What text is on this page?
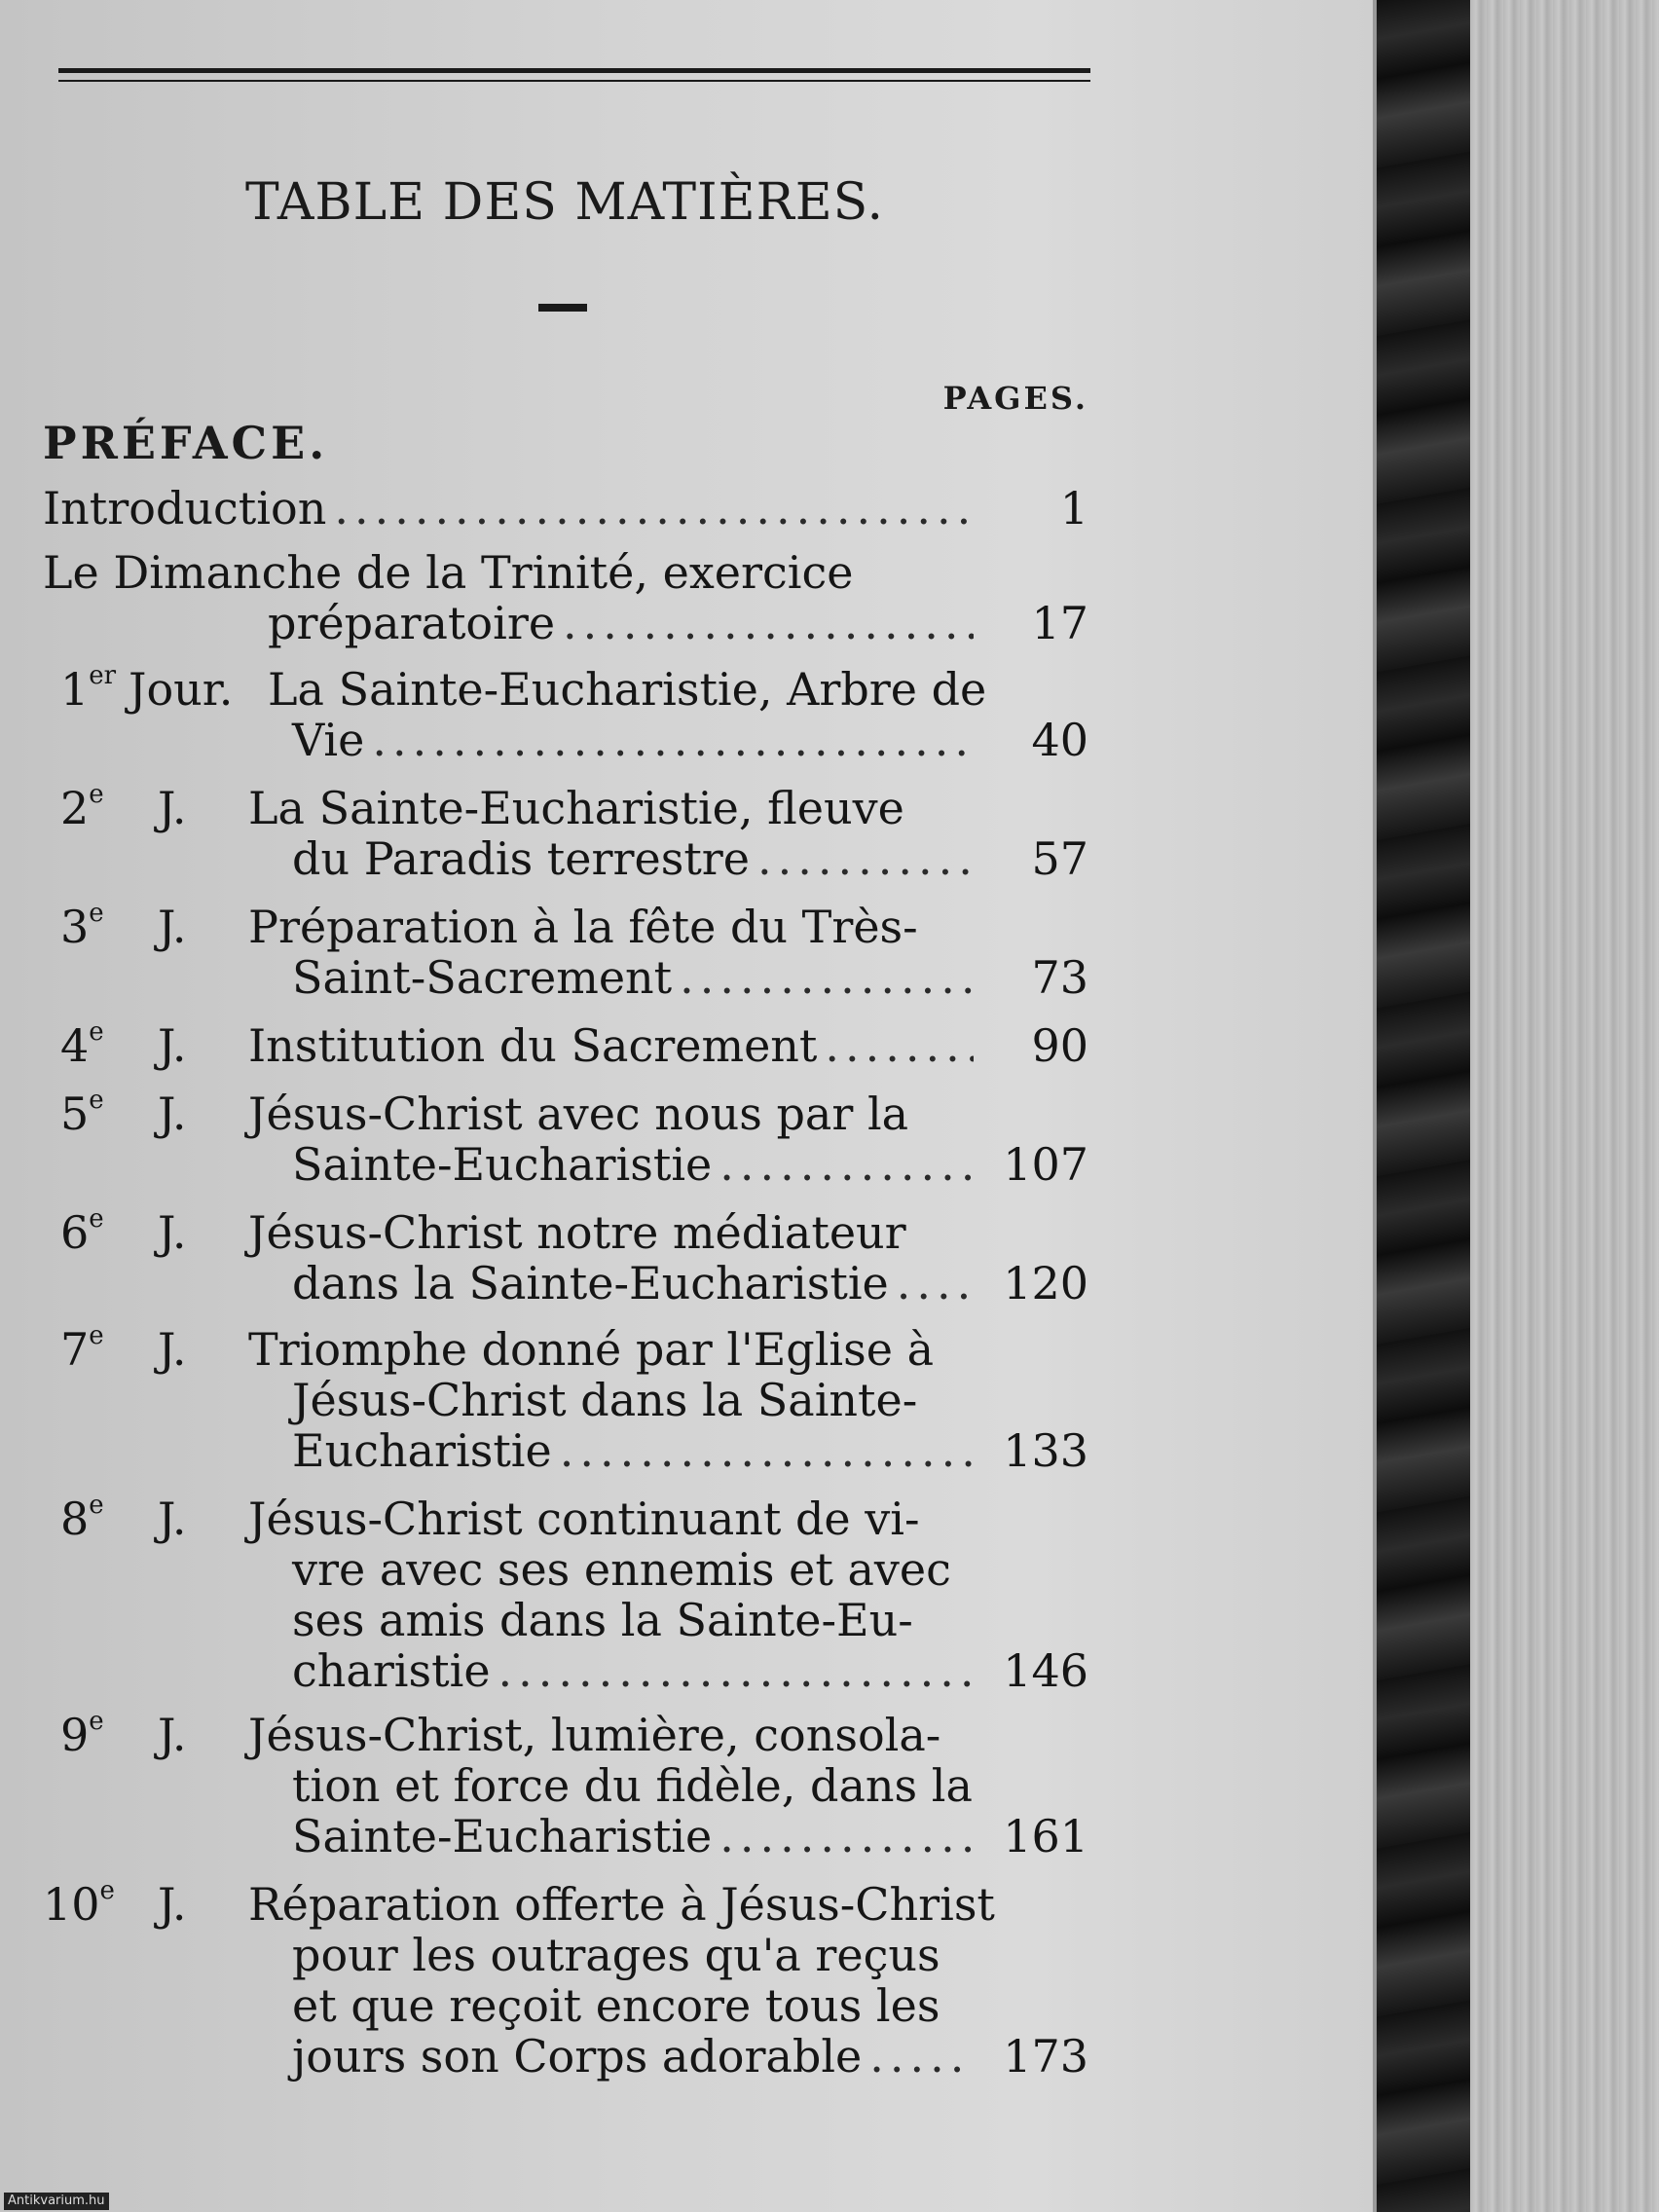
TABLE DES MATIÈRES.
PAGES.
PRÉFACE.
Introduction .....	1
Le Dimanche de la Trinité, exercice
préparatoire .....	17
1er Jour. La Sainte-Eucharistie, Arbre de
Vie .....	40
2e J. La Sainte-Eucharistie, fleuve
du Paradis terrestre .....	57
3e J. Préparation à la fête du Très-
Saint-Sacrement .....	73
4e J. Institution du Sacrement .....	90
5e J. Jésus-Christ avec nous par la
Sainte-Eucharistie .....	107
6e J. Jésus-Christ notre médiateur
dans la Sainte-Eucharistie .....	120
7e J. Triomphe donné par l'Eglise à
Jésus-Christ dans la Sainte-
Eucharistie .....	133
8e J. Jésus-Christ continuant de vi-
vre avec ses ennemis et avec
ses amis dans la Sainte-Eu-
charistie .....	146
9e J. Jésus-Christ, lumière, consola-
tion et force du fidèle, dans la
Sainte-Eucharistie .....	161
10e J. Réparation offerte à Jésus-Christ
pour les outrages qu'a reçus
et que reçoit encore tous les
jours son Corps adorable .....	173
Antikvarium.hu
